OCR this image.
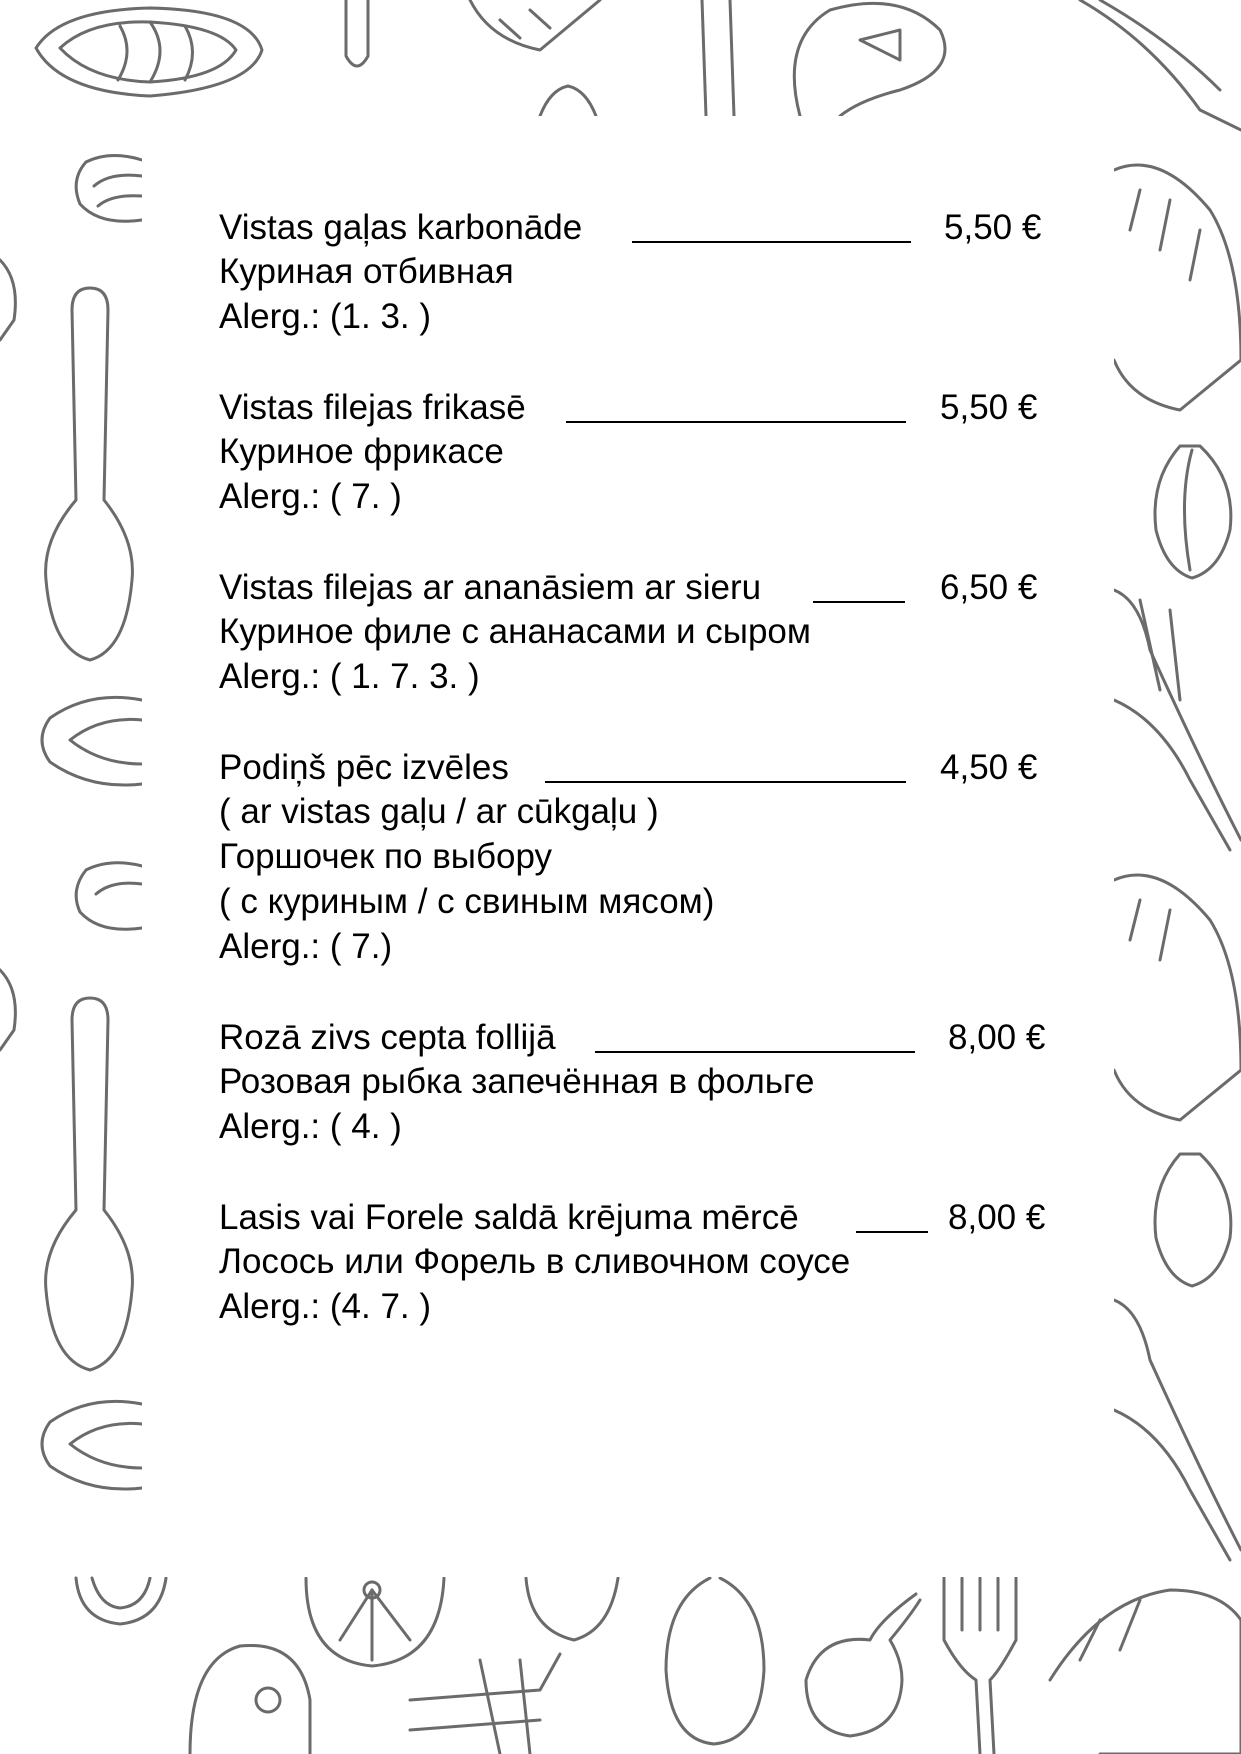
Vistas gaļas karbonāde	5,50 €
Куриная отбивная
Alerg.: (1. 3. )
Vistas filejas frikasē	5,50 €
Куриное фрикасе
Alerg.: ( 7. )
Vistas filejas ar ananāsiem ar sieru	6,50 €
Куриное филе с ананасами и сыром
Alerg.: ( 1. 7. 3. )
Podiņš pēc izvēles	4,50 €
( ar vistas gaļu / ar cūkgaļu )
Горшочек по выбору
( с куриным / с свиным мясом)
Alerg.: ( 7.)
Rozā zivs cepta follijā	8,00 €
Розовая рыбка запечённая в фольге
Alerg.: ( 4. )
Lasis vai Forele saldā krējuma mērcē	8,00 €
Лосось или Форель в сливочном соусе
Alerg.: (4. 7. )
